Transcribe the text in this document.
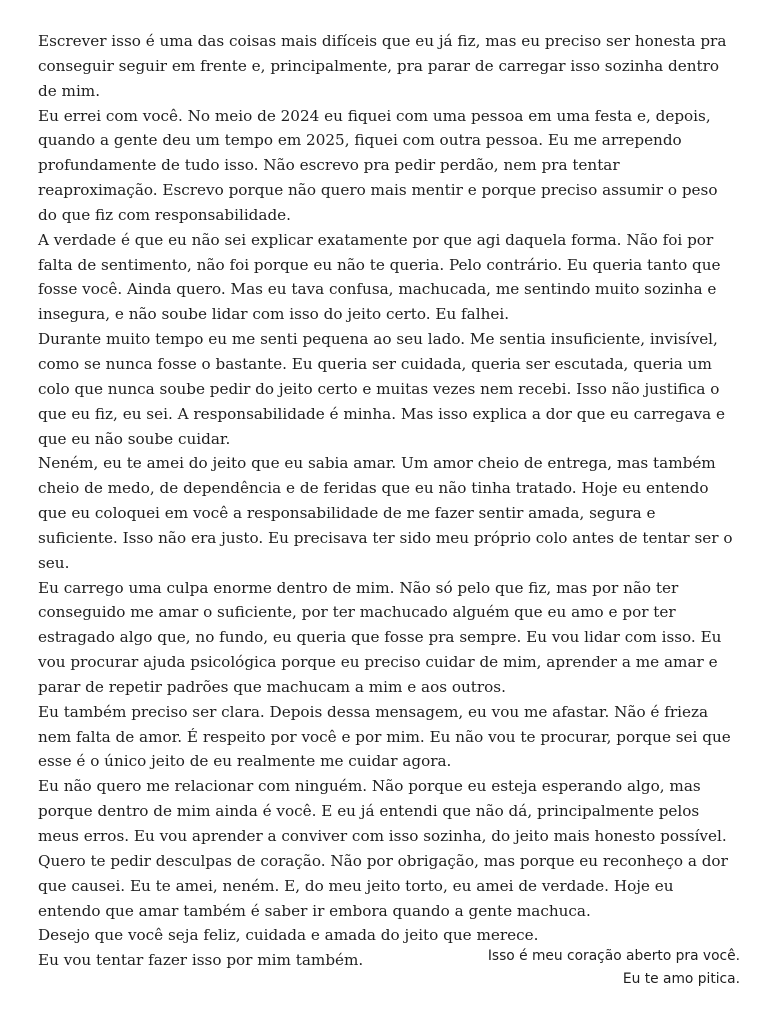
Escrever isso é uma das coisas mais difíceis que eu já fiz, mas eu preciso ser honesta pra conseguir seguir em frente e, principalmente, pra parar de carregar isso sozinha dentro de mim.

Eu errei com você. No meio de 2024 eu fiquei com uma pessoa em uma festa e, depois, quando a gente deu um tempo em 2025, fiquei com outra pessoa. Eu me arrependo profundamente de tudo isso. Não escrevo pra pedir perdão, nem pra tentar reaproximação. Escrevo porque não quero mais mentir e porque preciso assumir o peso do que fiz com responsabilidade.

A verdade é que eu não sei explicar exatamente por que agi daquela forma. Não foi por falta de sentimento, não foi porque eu não te queria. Pelo contrário. Eu queria tanto que fosse você. Ainda quero. Mas eu tava confusa, machucada, me sentindo muito sozinha e insegura, e não soube lidar com isso do jeito certo. Eu falhei.

Durante muito tempo eu me senti pequena ao seu lado. Me sentia insuficiente, invisível, como se nunca fosse o bastante. Eu queria ser cuidada, queria ser escutada, queria um colo que nunca soube pedir do jeito certo e muitas vezes nem recebi. Isso não justifica o que eu fiz, eu sei. A responsabilidade é minha. Mas isso explica a dor que eu carregava e que eu não soube cuidar.

Neném, eu te amei do jeito que eu sabia amar. Um amor cheio de entrega, mas também cheio de medo, de dependência e de feridas que eu não tinha tratado. Hoje eu entendo que eu coloquei em você a responsabilidade de me fazer sentir amada, segura e suficiente. Isso não era justo. Eu precisava ter sido meu próprio colo antes de tentar ser o seu.

Eu carrego uma culpa enorme dentro de mim. Não só pelo que fiz, mas por não ter conseguido me amar o suficiente, por ter machucado alguém que eu amo e por ter estragado algo que, no fundo, eu queria que fosse pra sempre. Eu vou lidar com isso. Eu vou procurar ajuda psicológica porque eu preciso cuidar de mim, aprender a me amar e parar de repetir padrões que machucam a mim e aos outros.

Eu também preciso ser clara. Depois dessa mensagem, eu vou me afastar. Não é frieza nem falta de amor. É respeito por você e por mim. Eu não vou te procurar, porque sei que esse é o único jeito de eu realmente me cuidar agora.

Eu não quero me relacionar com ninguém. Não porque eu esteja esperando algo, mas porque dentro de mim ainda é você. E eu já entendi que não dá, principalmente pelos meus erros. Eu vou aprender a conviver com isso sozinha, do jeito mais honesto possível.

Quero te pedir desculpas de coração. Não por obrigação, mas porque eu reconheço a dor que causei. Eu te amei, neném. E, do meu jeito torto, eu amei de verdade. Hoje eu entendo que amar também é saber ir embora quando a gente machuca.

Desejo que você seja feliz, cuidada e amada do jeito que merece.

Eu vou tentar fazer isso por mim também.	Isso é meu coração aberto pra você.
Eu te amo pitica.
